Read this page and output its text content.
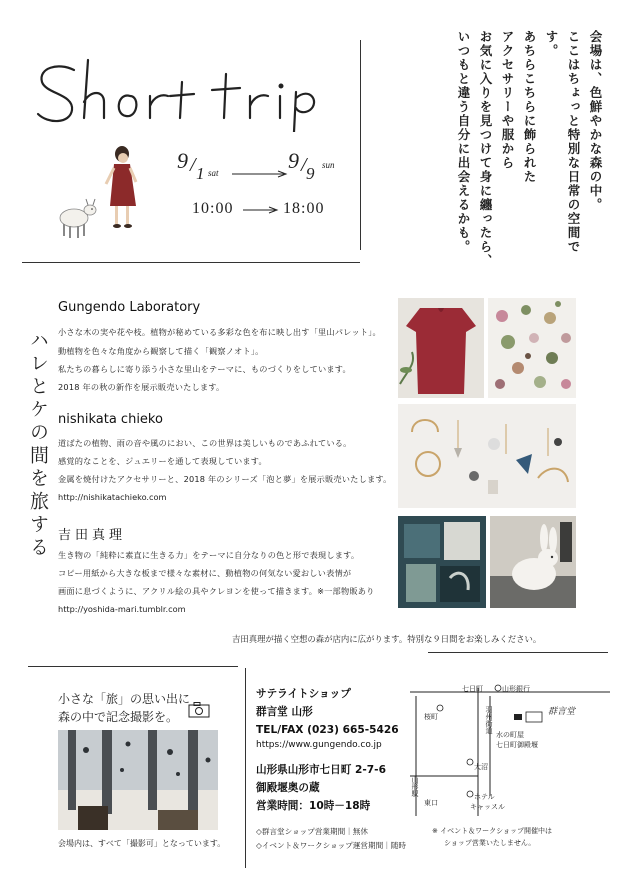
Short trip
9 / 1 sat	9 / 9 sun
10:00	18:00	会場は、色鮮やかな森の中。
ここはちょっと特別な日常の空間です。
あちらこちらに飾られた
アクセサリーや服から
お気に入りを見つけて身に纏ったら、
いつもと違う自分に出会えるかも。
ハレとケの間を旅する
Gungendo Laboratory
小さな木の実や花や枝。植物が秘めている多彩な色を布に映し出す「里山パレット」。
動植物を色々な角度から観察して描く「観察ノオト」。
私たちの暮らしに寄り添う小さな里山をテーマに、ものづくりをしています。
2018 年の秋の新作を展示販売いたします。
nishikata chieko
道ばたの植物、雨の音や風のにおい、この世界は美しいものであふれている。
感覚的なことを、ジュエリーを通して表現しています。
金属を焼付けたアクセサリーと、2018 年のシリーズ「泡と夢」を展示販売いたします。
http://nishikatachieko.com
吉田真理
生き物の「純粋に素直に生きる力」をテーマに自分なりの色と形で表現します。
コピー用紙から大きな板まで様々な素材に、動植物の何気ない愛おしい表情が
画面に息づくように、アクリル絵の具やクレヨンを使って描きます。※一部物販あり
http://yoshida-mari.tumblr.com
吉田真理が描く空想の森が店内に広がります。特別な９日間をお楽しみください。
小さな「旅」の思い出に
森の中で記念撮影を。
会場内は、すべて「撮影可」となっています。
サテライトショップ
群言堂 山形
TEL/FAX (023) 665-5426
https://www.gungendo.co.jp
山形県山形市七日町 2-7-6
御殿堰奥の蔵
営業時間：10時－18時
◇群言堂ショップ営業期間｜無休
◇イベント＆ワークショップ運営期間｜随時
※ イベント＆ワークショップ開催中は
ショップ営業いたしません。
七日町	山形銀行
桜町	羽州街道	群言堂
水の町屋
七日町御殿堰
大沼
山形駅
東口
ホテル
キャッスル
